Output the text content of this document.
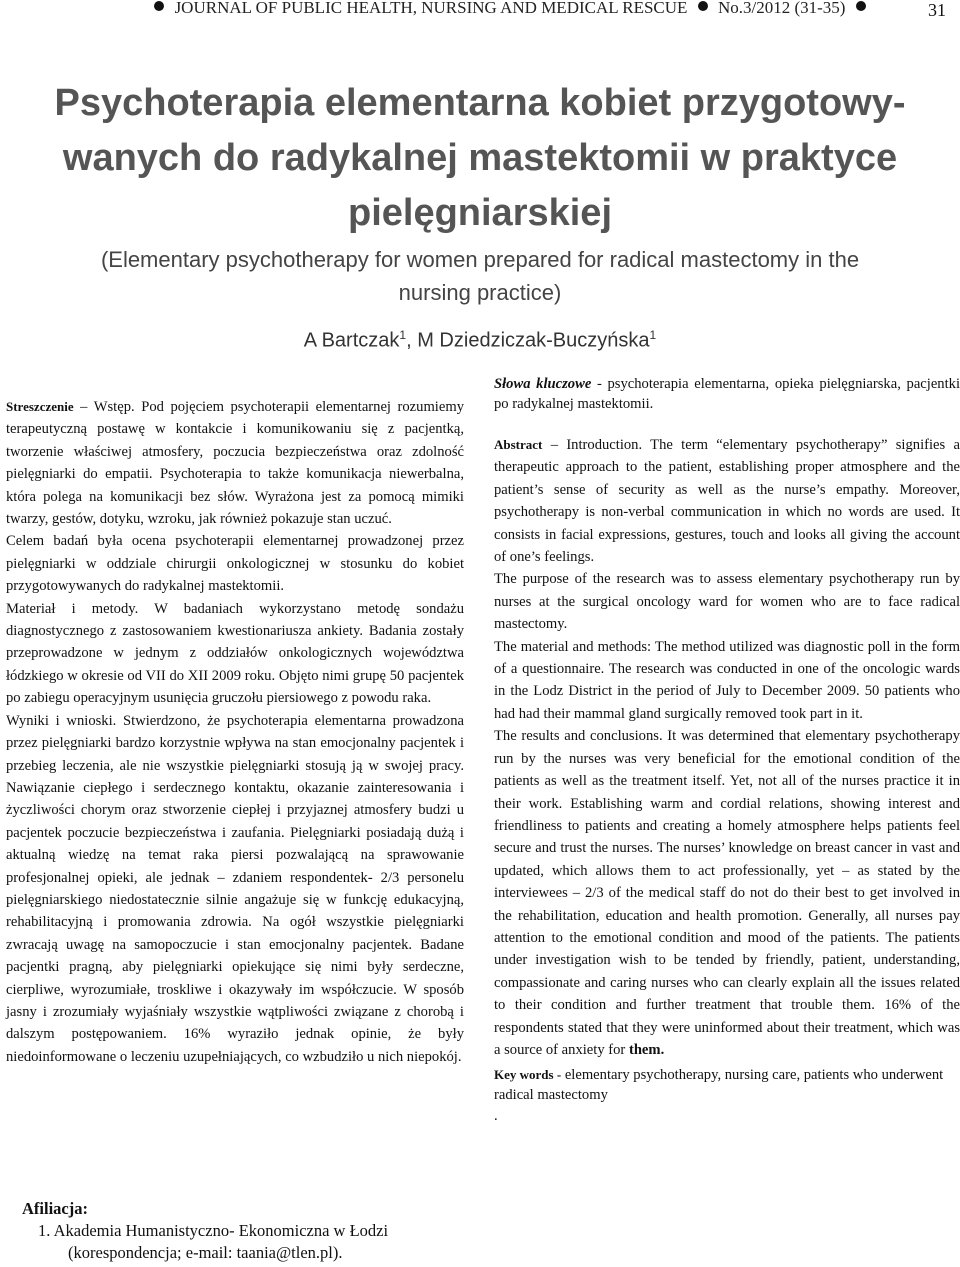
JOURNAL OF PUBLIC HEALTH, NURSING AND MEDICAL RESCUE No.3/2012 (31-35)	31
Psychoterapia elementarna kobiet przygotowy-
wanych do radykalnej mastektomii w praktyce
pielęgniarskiej

(Elementary psychotherapy for women prepared for radical mastectomy in the
nursing practice)

A Bartczak$^1$, M Dziedziczak-Buczyńska$^1$

Streszczenie – Wstęp. Pod pojęciem psychoterapii elementarnej rozumiemy terapeutyczną postawę w kontakcie i komunikowaniu się z pacjentką, tworzenie właściwej atmosfery, poczucia bezpieczeństwa oraz zdolność pielęgniarki do empatii. Psychoterapia to także komunikacja niewerbalna, która polega na komunikacji bez słów. Wyrażona jest za pomocą mimiki twarzy, gestów, dotyku, wzroku, jak również pokazuje stan uczuć.

Celem badań była ocena psychoterapii elementarnej prowadzonej przez pielęgniarki w oddziale chirurgii onkologicznej w stosunku do kobiet przygotowywanych do radykalnej mastektomii.

Materiał i metody. W badaniach wykorzystano metodę sondażu diagnostycznego z zastosowaniem kwestionariusza ankiety. Badania zostały przeprowadzone w jednym z oddziałów onkologicznych województwa łódzkiego w okresie od VII do XII 2009 roku. Objęto nimi grupę 50 pacjentek po zabiegu operacyjnym usunięcia gruczołu piersiowego z powodu raka.

Wyniki i wnioski. Stwierdzono, że psychoterapia elementarna prowadzona przez pielęgniarki bardzo korzystnie wpływa na stan emocjonalny pacjentek i przebieg leczenia, ale nie wszystkie pielęgniarki stosują ją w swojej pracy. Nawiązanie ciepłego i serdecznego kontaktu, okazanie zainteresowania i życzliwości chorym oraz stworzenie ciepłej i przyjaznej atmosfery budzi u pacjentek poczucie bezpieczeństwa i zaufania. Pielęgniarki posiadają dużą i aktualną wiedzę na temat raka piersi pozwalającą na sprawowanie profesjonalnej opieki, ale jednak – zdaniem respondentek- 2/3 personelu pielęgniarskiego niedostatecznie silnie angażuje się w funkcję edukacyjną, rehabilitacyjną i promowania zdrowia. Na ogół wszystkie pielęgniarki zwracają uwagę na samopoczucie i stan emocjonalny pacjentek. Badane pacjentki pragną, aby pielęgniarki opiekujące się nimi były serdeczne, cierpliwe, wyrozumiałe, troskliwe i okazywały im współczucie. W sposób jasny i zrozumiały wyjaśniały wszystkie wątpliwości związane z chorobą i dalszym postępowaniem. 16% wyraziło jednak opinie, że były niedoinformowane o leczeniu uzupełniających, co wzbudziło u nich niepokój.

Słowa kluczowe - psychoterapia elementarna, opieka pielęgniarska, pacjentki po radykalnej mastektomii.

Abstract – Introduction. The term “elementary psychotherapy” signifies a therapeutic approach to the patient, establishing proper atmosphere and the patient’s sense of security as well as the nurse’s empathy. Moreover, psychotherapy is non-verbal communication in which no words are used. It consists in facial expressions, gestures, touch and looks all giving the account of one’s feelings.

The purpose of the research was to assess elementary psychotherapy run by nurses at the surgical oncology ward for women who are to face radical mastectomy.

The material and methods: The method utilized was diagnostic poll in the form of a questionnaire. The research was conducted in one of the oncologic wards in the Lodz District in the period of July to December 2009. 50 patients who had had their mammal gland surgically removed took part in it.

The results and conclusions. It was determined that elementary psychotherapy run by the nurses was very beneficial for the emotional condition of the patients as well as the treatment itself. Yet, not all of the nurses practice it in their work. Establishing warm and cordial relations, showing interest and friendliness to patients and creating a homely atmosphere helps patients feel secure and trust the nurses. The nurses’ knowledge on breast cancer in vast and updated, which allows them to act professionally, yet – as stated by the interviewees – 2/3 of the medical staff do not do their best to get involved in the rehabilitation, education and health promotion. Generally, all nurses pay attention to the emotional condition and mood of the patients. The patients under investigation wish to be tended by friendly, patient, understanding, compassionate and caring nurses who can clearly explain all the issues related to their condition and further treatment that trouble them. 16% of the respondents stated that they were uninformed about their treatment, which was a source of anxiety for them.

Key words - elementary psychotherapy, nursing care, patients who underwent radical mastectomy

.

Afiliacja:

1. Akademia Humanistyczno- Ekonomiczna w Łodzi

(korespondencja; e-mail: taania@tlen.pl).
